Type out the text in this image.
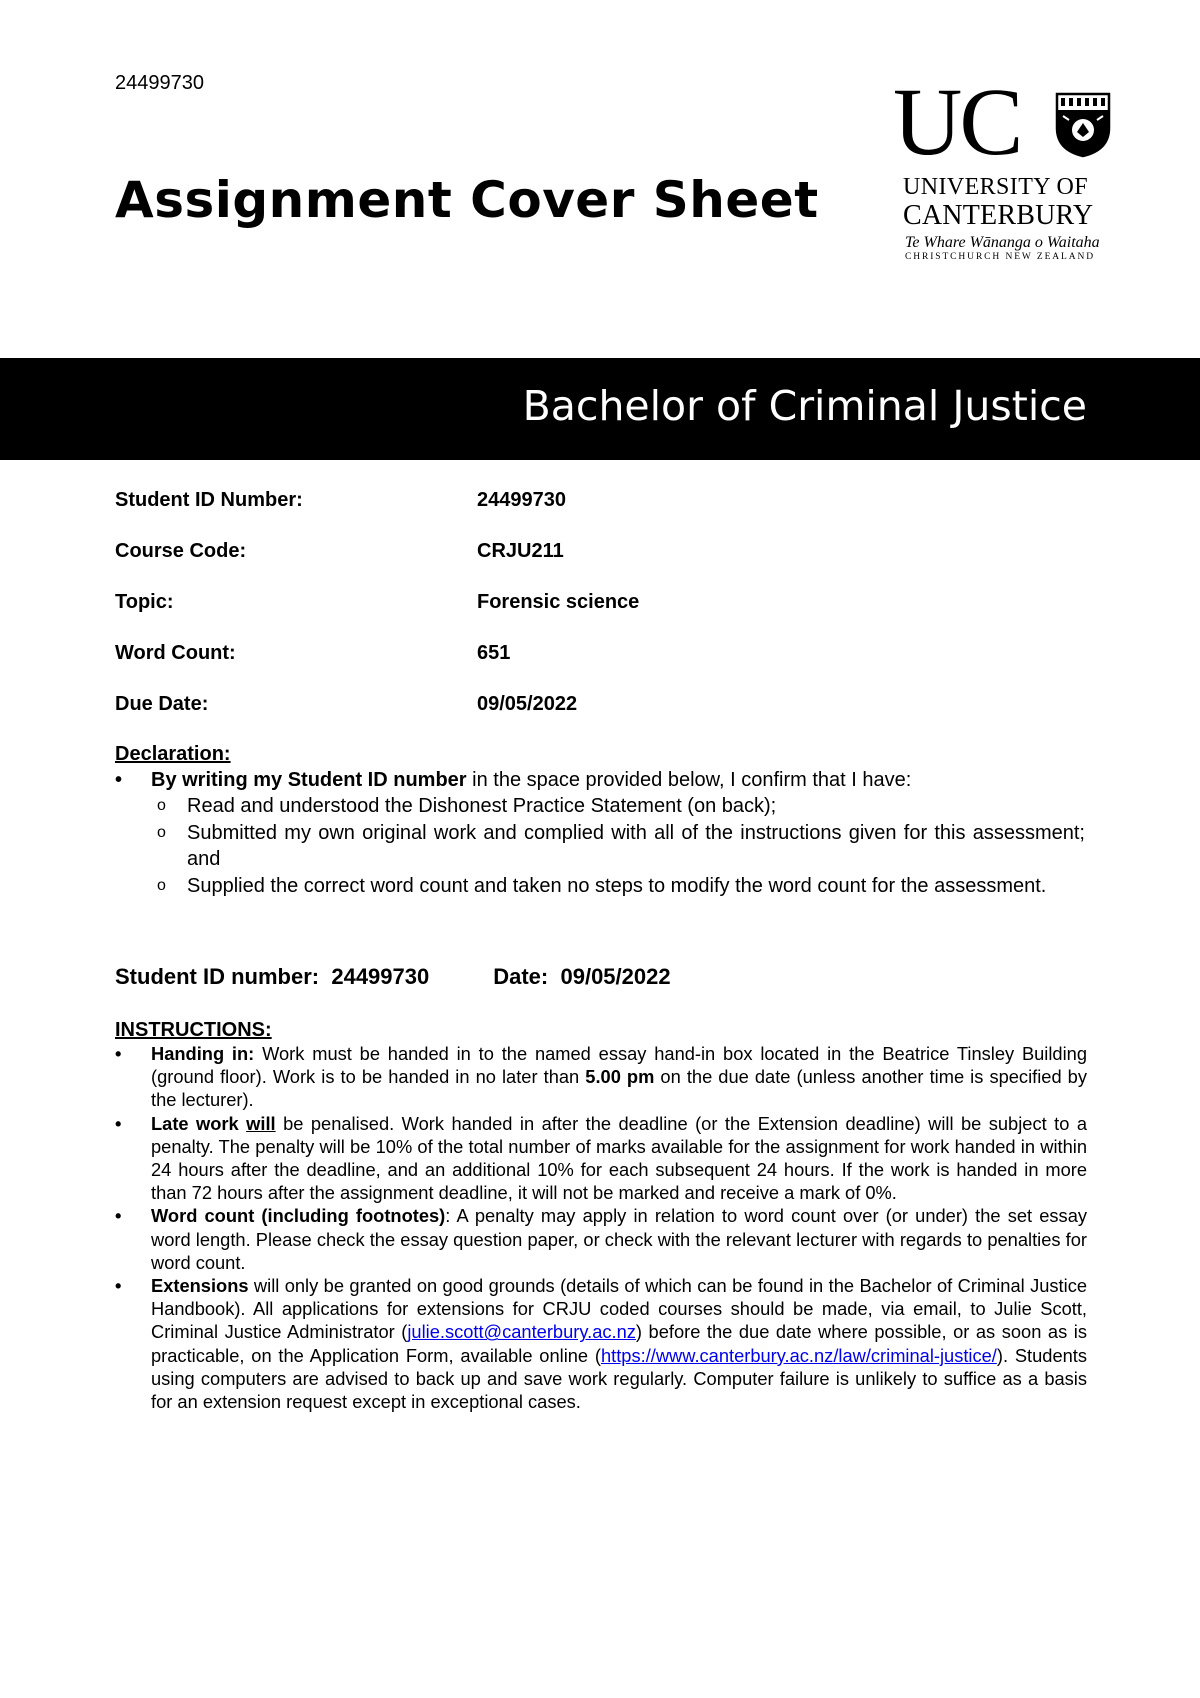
24499730
Assignment Cover Sheet
UC
UNIVERSITY OF
CANTERBURY
Te Whare Wānanga o Waitaha
CHRISTCHURCH NEW ZEALAND
Bachelor of Criminal Justice
Student ID Number:	24499730
Course Code:	CRJU211
Topic:	Forensic science
Word Count:	651
Due Date:	09/05/2022
Declaration:
• By writing my Student ID number in the space provided below, I confirm that I have:
o Read and understood the Dishonest Practice Statement (on back);
o Submitted my own original work and complied with all of the instructions given for this assessment; and
o Supplied the correct word count and taken no steps to modify the word count for the assessment.
Student ID number: 24499730	Date: 09/05/2022
INSTRUCTIONS:
• Handing in: Work must be handed in to the named essay hand-in box located in the Beatrice Tinsley Building (ground floor). Work is to be handed in no later than 5.00 pm on the due date (unless another time is specified by the lecturer).
• Late work will be penalised. Work handed in after the deadline (or the Extension deadline) will be subject to a penalty. The penalty will be 10% of the total number of marks available for the assignment for work handed in within 24 hours after the deadline, and an additional 10% for each subsequent 24 hours. If the work is handed in more than 72 hours after the assignment deadline, it will not be marked and receive a mark of 0%.
• Word count (including footnotes): A penalty may apply in relation to word count over (or under) the set essay word length. Please check the essay question paper, or check with the relevant lecturer with regards to penalties for word count.
• Extensions will only be granted on good grounds (details of which can be found in the Bachelor of Criminal Justice Handbook). All applications for extensions for CRJU coded courses should be made, via email, to Julie Scott, Criminal Justice Administrator (julie.scott@canterbury.ac.nz) before the due date where possible, or as soon as is practicable, on the Application Form, available online (https://www.canterbury.ac.nz/law/criminal-justice/). Students using computers are advised to back up and save work regularly. Computer failure is unlikely to suffice as a basis for an extension request except in exceptional cases.
